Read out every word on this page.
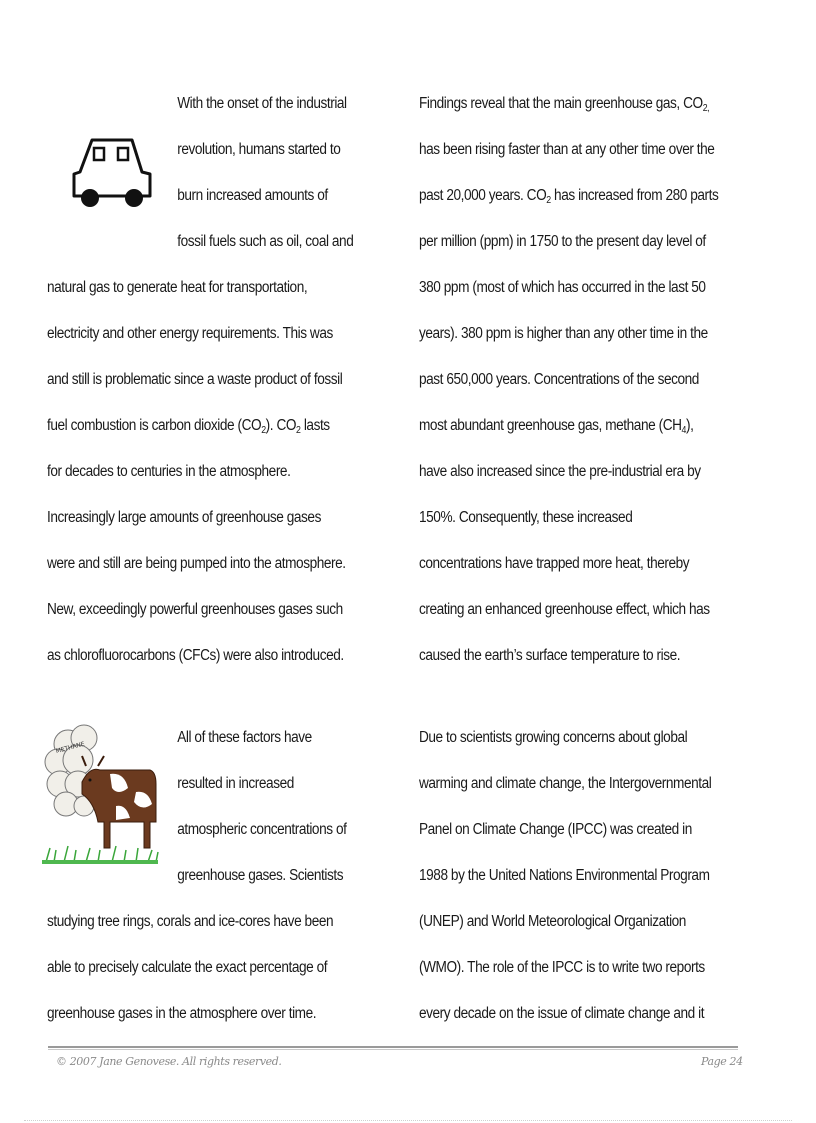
METHANE
With the onset of the industrial
revolution, humans started to
burn increased amounts of
fossil fuels such as oil, coal and
natural gas to generate heat for transportation,
electricity and other energy requirements. This was
and still is problematic since a waste product of fossil
fuel combustion is carbon dioxide $(CO_2)$. $CO_2$ lasts
for decades to centuries in the atmosphere.
Increasingly large amounts of greenhouse gases
were and still are being pumped into the atmosphere.
New, exceedingly powerful greenhouses gases such
as chlorofluorocarbons (CFCs) were also introduced.
All of these factors have
resulted in increased
atmospheric concentrations of
greenhouse gases. Scientists
studying tree rings, corals and ice-cores have been
able to precisely calculate the exact percentage of
greenhouse gases in the atmosphere over time.
Findings reveal that the main greenhouse gas, $CO_{2,}$
has been rising faster than at any other time over the
past 20,000 years. $CO_2$ has increased from 280 parts
per million (ppm) in 1750 to the present day level of
380 ppm (most of which has occurred in the last 50
years). 380 ppm is higher than any other time in the
past 650,000 years. Concentrations of the second
most abundant greenhouse gas, methane $(CH_4)$,
have also increased since the pre-industrial era by
150%. Consequently, these increased
concentrations have trapped more heat, thereby
creating an enhanced greenhouse effect, which has
caused the earth’s surface temperature to rise.
Due to scientists growing concerns about global
warming and climate change, the Intergovernmental
Panel on Climate Change (IPCC) was created in
1988 by the United Nations Environmental Program
(UNEP) and World Meteorological Organization
(WMO). The role of the IPCC is to write two reports
every decade on the issue of climate change and it
© 2007 Jane Genovese. All rights reserved.	Page 24
